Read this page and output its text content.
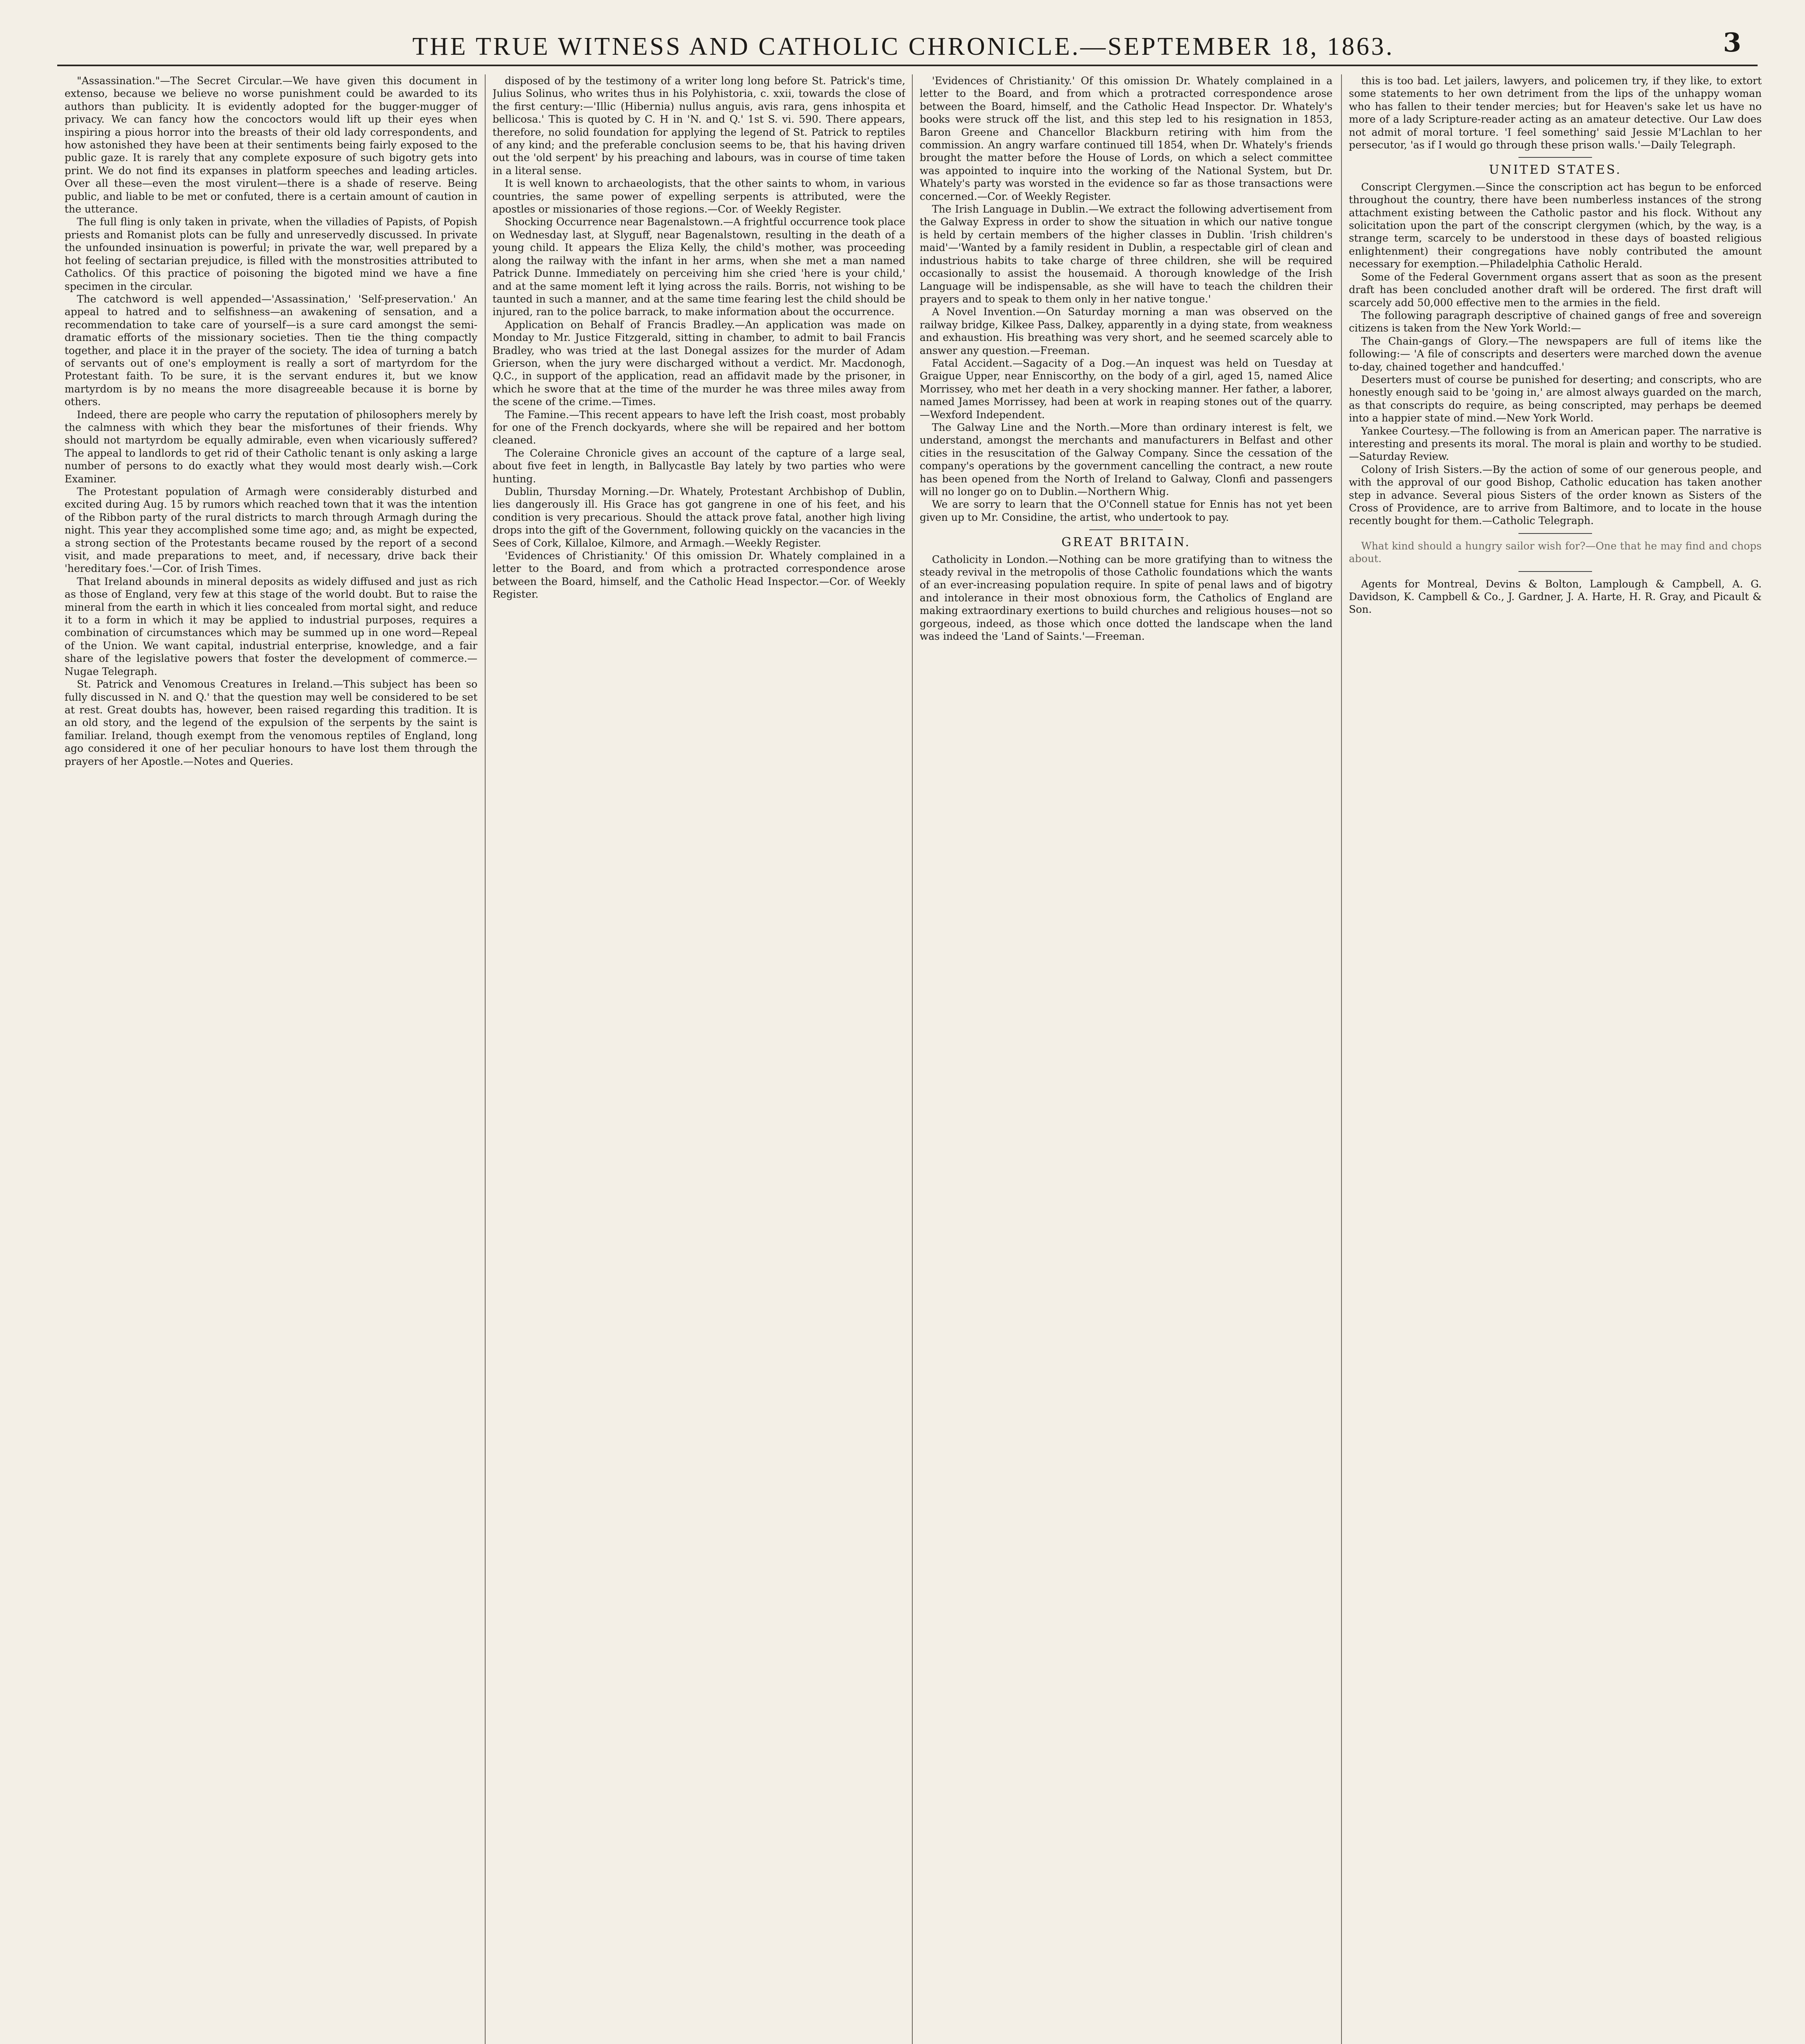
THE TRUE WITNESS AND CATHOLIC CHRONICLE.—SEPTEMBER 18, 1863.	3

"Assassination."—The Secret Circular.—We have given this document in extenso, because we believe no worse punishment could be awarded to its authors than publicity. It is evidently adopted for the bugger-mugger of privacy. We can fancy how the concoctors would lift up their eyes when inspiring a pious horror into the breasts of their old lady correspondents, and how astonished they have been at their sentiments being fairly exposed to the public gaze. It is rarely that any complete exposure of such bigotry gets into print. We do not find its expanses in platform speeches and leading articles. Over all these—even the most virulent—there is a shade of reserve. Being public, and liable to be met or confuted, there is a certain amount of caution in the utterance.

The full fling is only taken in private, when the villadies of Papists, of Popish priests and Romanist plots can be fully and unreservedly discussed. In private the unfounded insinuation is powerful; in private the war, well prepared by a hot feeling of sectarian prejudice, is filled with the monstrosities attributed to Catholics. Of this practice of poisoning the bigoted mind we have a fine specimen in the circular.

The catchword is well appended—'Assassination,' 'Self-preservation.' An appeal to hatred and to selfishness—an awakening of sensation, and a recommendation to take care of yourself—is a sure card amongst the semi-dramatic efforts of the missionary societies. Then tie the thing compactly together, and place it in the prayer of the society. The idea of turning a batch of servants out of one's employment is really a sort of martyrdom for the Protestant faith. To be sure, it is the servant endures it, but we know martyrdom is by no means the more disagreeable because it is borne by others.

Indeed, there are people who carry the reputation of philosophers merely by the calmness with which they bear the misfortunes of their friends. Why should not martyrdom be equally admirable, even when vicariously suffered? The appeal to landlords to get rid of their Catholic tenant is only asking a large number of persons to do exactly what they would most dearly wish.—Cork Examiner.

The Protestant population of Armagh were considerably disturbed and excited during Aug. 15 by rumors which reached town that it was the intention of the Ribbon party of the rural districts to march through Armagh during the night. This year they accomplished some time ago; and, as might be expected, a strong section of the Protestants became roused by the report of a second visit, and made preparations to meet, and, if necessary, drive back their 'hereditary foes.'—Cor. of Irish Times.

That Ireland abounds in mineral deposits as widely diffused and just as rich as those of England, very few at this stage of the world doubt. But to raise the mineral from the earth in which it lies concealed from mortal sight, and reduce it to a form in which it may be applied to industrial purposes, requires a combination of circumstances which may be summed up in one word—Repeal of the Union. We want capital, industrial enterprise, knowledge, and a fair share of the legislative powers that foster the development of commerce.—Nugae Telegraph.

St. Patrick and Venomous Creatures in Ireland.—This subject has been so fully discussed in N. and Q.' that the question may well be considered to be set at rest. Great doubts has, however, been raised regarding this tradition. It is an old story, and the legend of the expulsion of the serpents by the saint is familiar. Ireland, though exempt from the venomous reptiles of England, long ago considered it one of her peculiar honours to have lost them through the prayers of her Apostle.—Notes and Queries.

disposed of by the testimony of a writer long long before St. Patrick's time, Julius Solinus, who writes thus in his Polyhistoria, c. xxii, towards the close of the first century:—'Illic (Hibernia) nullus anguis, avis rara, gens inhospita et bellicosa.' This is quoted by C. H in 'N. and Q.' 1st S. vi. 590. There appears, therefore, no solid foundation for applying the legend of St. Patrick to reptiles of any kind; and the preferable conclusion seems to be, that his having driven out the 'old serpent' by his preaching and labours, was in course of time taken in a literal sense.

It is well known to archaeologists, that the other saints to whom, in various countries, the same power of expelling serpents is attributed, were the apostles or missionaries of those regions.—Cor. of Weekly Register.

Shocking Occurrence near Bagenalstown.—A frightful occurrence took place on Wednesday last, at Slyguff, near Bagenalstown, resulting in the death of a young child. It appears the Eliza Kelly, the child's mother, was proceeding along the railway with the infant in her arms, when she met a man named Patrick Dunne. Immediately on perceiving him she cried 'here is your child,' and at the same moment left it lying across the rails. Borris, not wishing to be taunted in such a manner, and at the same time fearing lest the child should be injured, ran to the police barrack, to make information about the occurrence.

Application on Behalf of Francis Bradley.—An application was made on Monday to Mr. Justice Fitzgerald, sitting in chamber, to admit to bail Francis Bradley, who was tried at the last Donegal assizes for the murder of Adam Grierson, when the jury were discharged without a verdict. Mr. Macdonogh, Q.C., in support of the application, read an affidavit made by the prisoner, in which he swore that at the time of the murder he was three miles away from the scene of the crime.—Times.

The Famine.—This recent appears to have left the Irish coast, most probably for one of the French dockyards, where she will be repaired and her bottom cleaned.

The Coleraine Chronicle gives an account of the capture of a large seal, about five feet in length, in Ballycastle Bay lately by two parties who were hunting.

Dublin, Thursday Morning.—Dr. Whately, Protestant Archbishop of Dublin, lies dangerously ill. His Grace has got gangrene in one of his feet, and his condition is very precarious. Should the attack prove fatal, another high living drops into the gift of the Government, following quickly on the vacancies in the Sees of Cork, Killaloe, Kilmore, and Armagh.—Weekly Register.

'Evidences of Christianity.' Of this omission Dr. Whately complained in a letter to the Board, and from which a protracted correspondence arose between the Board, himself, and the Catholic Head Inspector.—Cor. of Weekly Register.

'Evidences of Christianity.' Of this omission Dr. Whately complained in a letter to the Board, and from which a protracted correspondence arose between the Board, himself, and the Catholic Head Inspector. Dr. Whately's books were struck off the list, and this step led to his resignation in 1853, Baron Greene and Chancellor Blackburn retiring with him from the commission. An angry warfare continued till 1854, when Dr. Whately's friends brought the matter before the House of Lords, on which a select committee was appointed to inquire into the working of the National System, but Dr. Whately's party was worsted in the evidence so far as those transactions were concerned.—Cor. of Weekly Register.

The Irish Language in Dublin.—We extract the following advertisement from the Galway Express in order to show the situation in which our native tongue is held by certain members of the higher classes in Dublin. 'Irish children's maid'—'Wanted by a family resident in Dublin, a respectable girl of clean and industrious habits to take charge of three children, she will be required occasionally to assist the housemaid. A thorough knowledge of the Irish Language will be indispensable, as she will have to teach the children their prayers and to speak to them only in her native tongue.'

A Novel Invention.—On Saturday morning a man was observed on the railway bridge, Kilkee Pass, Dalkey, apparently in a dying state, from weakness and exhaustion. His breathing was very short, and he seemed scarcely able to answer any question.—Freeman.

Fatal Accident.—Sagacity of a Dog.—An inquest was held on Tuesday at Graigue Upper, near Enniscorthy, on the body of a girl, aged 15, named Alice Morrissey, who met her death in a very shocking manner. Her father, a laborer, named James Morrissey, had been at work in reaping stones out of the quarry.—Wexford Independent.

The Galway Line and the North.—More than ordinary interest is felt, we understand, amongst the merchants and manufacturers in Belfast and other cities in the resuscitation of the Galway Company. Since the cessation of the company's operations by the government cancelling the contract, a new route has been opened from the North of Ireland to Galway, Clonfi and passengers will no longer go on to Dublin.—Northern Whig.

We are sorry to learn that the O'Connell statue for Ennis has not yet been given up to Mr. Considine, the artist, who undertook to pay.

GREAT BRITAIN.

Catholicity in London.—Nothing can be more gratifying than to witness the steady revival in the metropolis of those Catholic foundations which the wants of an ever-increasing population require. In spite of penal laws and of bigotry and intolerance in their most obnoxious form, the Catholics of England are making extraordinary exertions to build churches and religious houses—not so gorgeous, indeed, as those which once dotted the landscape when the land was indeed the 'Land of Saints.'—Freeman.

this is too bad. Let jailers, lawyers, and policemen try, if they like, to extort some statements to her own detriment from the lips of the unhappy woman who has fallen to their tender mercies; but for Heaven's sake let us have no more of a lady Scripture-reader acting as an amateur detective. Our Law does not admit of moral torture. 'I feel something' said Jessie M'Lachlan to her persecutor, 'as if I would go through these prison walls.'—Daily Telegraph.

UNITED STATES.

Conscript Clergymen.—Since the conscription act has begun to be enforced throughout the country, there have been numberless instances of the strong attachment existing between the Catholic pastor and his flock. Without any solicitation upon the part of the conscript clergymen (which, by the way, is a strange term, scarcely to be understood in these days of boasted religious enlightenment) their congregations have nobly contributed the amount necessary for exemption.—Philadelphia Catholic Herald.

Some of the Federal Government organs assert that as soon as the present draft has been concluded another draft will be ordered. The first draft will scarcely add 50,000 effective men to the armies in the field.

The following paragraph descriptive of chained gangs of free and sovereign citizens is taken from the New York World:—

The Chain-gangs of Glory.—The newspapers are full of items like the following:— 'A file of conscripts and deserters were marched down the avenue to-day, chained together and handcuffed.'

Deserters must of course be punished for deserting; and conscripts, who are honestly enough said to be 'going in,' are almost always guarded on the march, as that conscripts do require, as being conscripted, may perhaps be deemed into a happier state of mind.—New York World.

Yankee Courtesy.—The following is from an American paper. The narrative is interesting and presents its moral. The moral is plain and worthy to be studied.—Saturday Review.

Colony of Irish Sisters.—By the action of some of our generous people, and with the approval of our good Bishop, Catholic education has taken another step in advance. Several pious Sisters of the order known as Sisters of the Cross of Providence, are to arrive from Baltimore, and to locate in the house recently bought for them.—Catholic Telegraph.

What kind should a hungry sailor wish for?—One that he may find and chops about.

Agents for Montreal, Devins & Bolton, Lamplough & Campbell, A. G. Davidson, K. Campbell & Co., J. Gardner, J. A. Harte, H. R. Gray, and Picault & Son.
